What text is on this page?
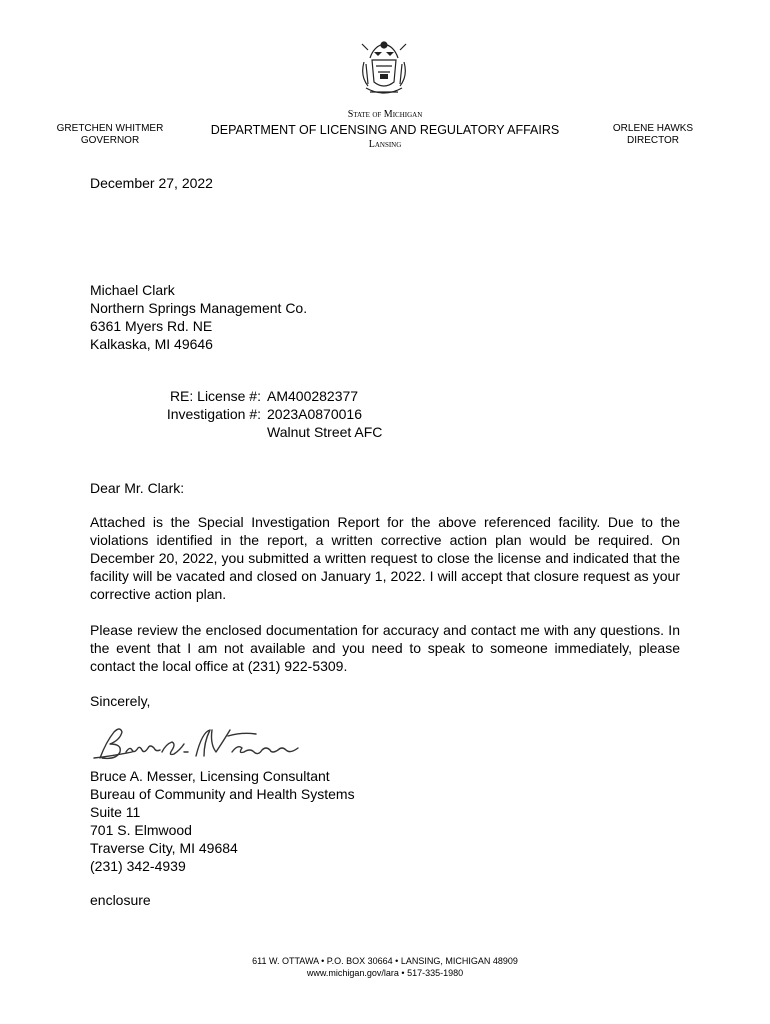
GRETCHEN WHITMER
GOVERNOR
State of Michigan
DEPARTMENT OF LICENSING AND REGULATORY AFFAIRS
Lansing
ORLENE HAWKS
DIRECTOR
December 27, 2022
Michael Clark
Northern Springs Management Co.
6361 Myers Rd. NE
Kalkaska, MI 49646
RE: License #:	AM400282377
Investigation #:	2023A0870016
	Walnut Street AFC
Dear Mr. Clark:
Attached is the Special Investigation Report for the above referenced facility. Due to the violations identified in the report, a written corrective action plan would be required. On December 20, 2022, you submitted a written request to close the license and indicated that the facility will be vacated and closed on January 1, 2022. I will accept that closure request as your corrective action plan.
Please review the enclosed documentation for accuracy and contact me with any questions. In the event that I am not available and you need to speak to someone immediately, please contact the local office at (231) 922-5309.
Sincerely,
Bruce A. Messer, Licensing Consultant
Bureau of Community and Health Systems
Suite 11
701 S. Elmwood
Traverse City, MI 49684
(231) 342-4939
enclosure
611 W. OTTAWA • P.O. BOX 30664 • LANSING, MICHIGAN 48909
www.michigan.gov/lara • 517-335-1980
